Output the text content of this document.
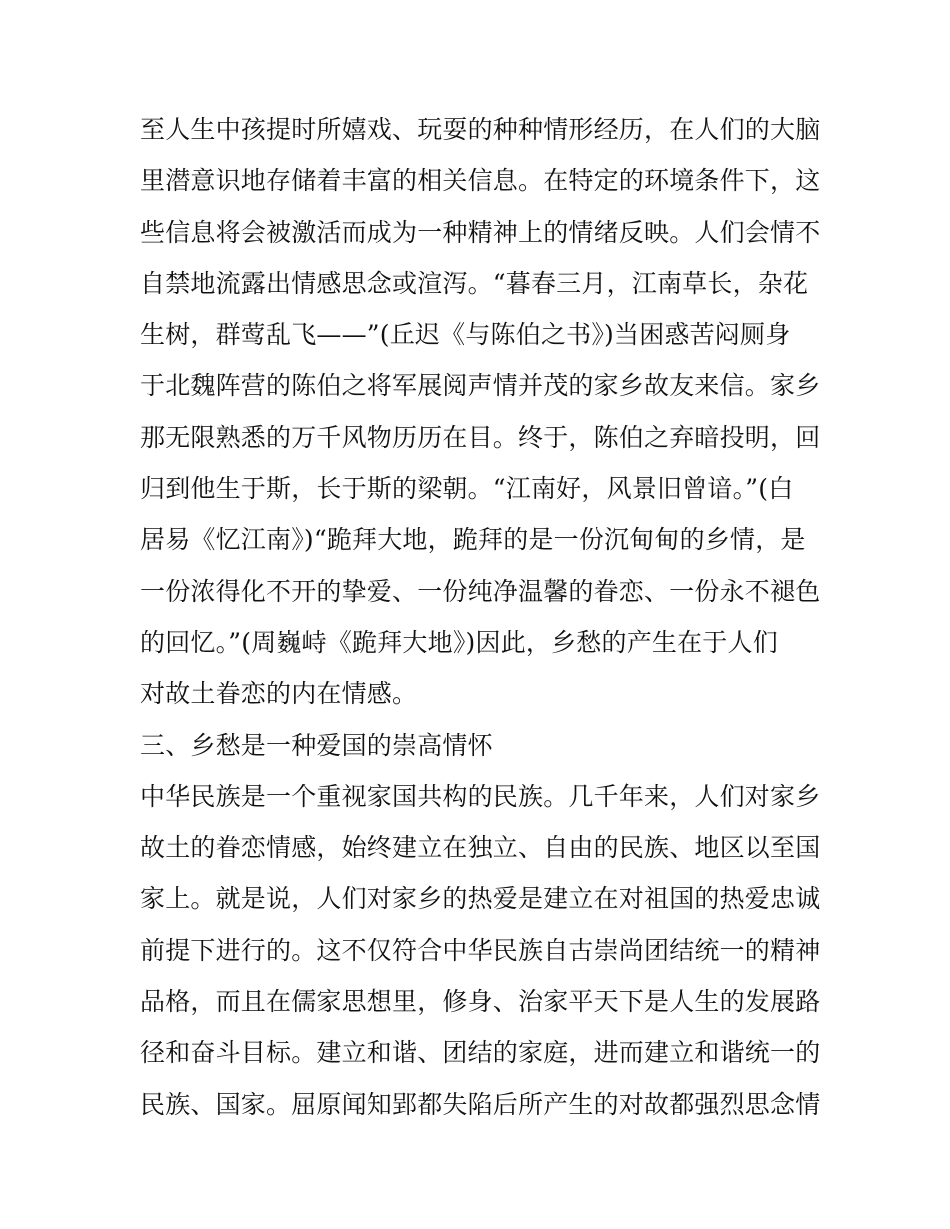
至人生中孩提时所嬉戏、玩耍的种种情形经历，在人们的大脑
里潜意识地存储着丰富的相关信息。在特定的环境条件下，这
些信息将会被激活而成为一种精神上的情绪反映。人们会情不
自禁地流露出情感思念或渲泻。“暮春三月，江南草长，杂花
生树，群莺乱飞——”(丘迟《与陈伯之书》)当困惑苦闷厕身
于北魏阵营的陈伯之将军展阅声情并茂的家乡故友来信。家乡
那无限熟悉的万千风物历历在目。终于，陈伯之弃暗投明，回
归到他生于斯，长于斯的梁朝。“江南好，风景旧曾谙。”(白
居易《忆江南》)“跪拜大地，跪拜的是一份沉甸甸的乡情，是
一份浓得化不开的挚爱、一份纯净温馨的眷恋、一份永不褪色
的回忆。”(周巍峙《跪拜大地》)因此，乡愁的产生在于人们
对故土眷恋的内在情感。
三、乡愁是一种爱国的崇高情怀
中华民族是一个重视家国共构的民族。几千年来，人们对家乡
故土的眷恋情感，始终建立在独立、自由的民族、地区以至国
家上。就是说，人们对家乡的热爱是建立在对祖国的热爱忠诚
前提下进行的。这不仅符合中华民族自古崇尚团结统一的精神
品格，而且在儒家思想里，修身、治家平天下是人生的发展路
径和奋斗目标。建立和谐、团结的家庭，进而建立和谐统一的
民族、国家。屈原闻知郢都失陷后所产生的对故都强烈思念情
